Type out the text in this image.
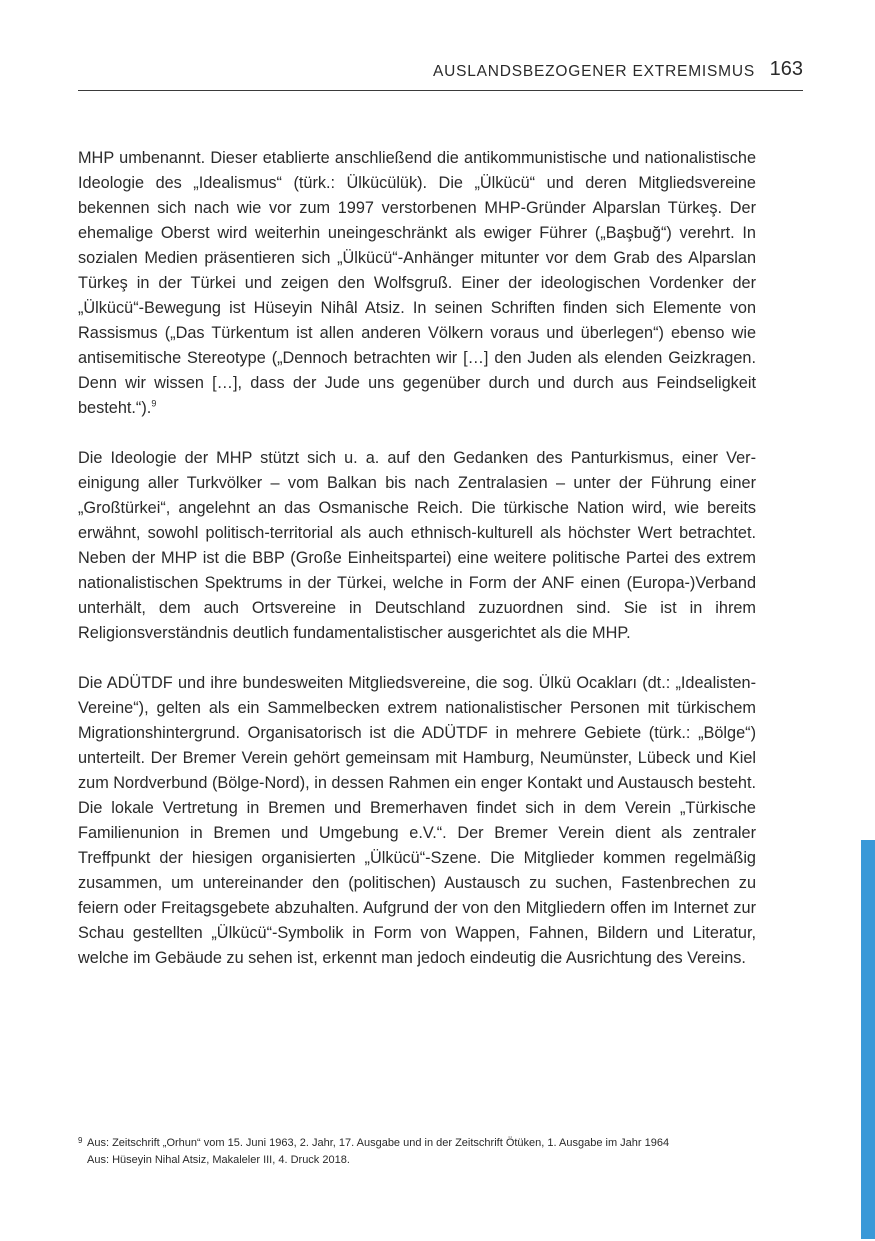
AUSLANDSBEZOGENER EXTREMISMUS 163

MHP umbenannt. Dieser etablierte anschließend die antikommunistische und nationalistische Ideologie des „Idealismus“ (türk.: Ülkücülük). Die „Ülkücü“ und deren Mitgliedsvereine bekennen sich nach wie vor zum 1997 verstorbenen MHP-Gründer Alparslan Türkeş. Der ehemalige Oberst wird weiterhin uneingeschränkt als ewiger Führer („Başbuğ“) verehrt. In sozialen Medien präsentieren sich „Ülkücü“-Anhänger mitunter vor dem Grab des Alparslan Türkeş in der Türkei und zeigen den Wolfsgruß. Einer der ideologischen Vordenker der „Ülkücü“-Bewegung ist Hüseyin Nihâl Atsiz. In seinen Schriften finden sich Elemente von Rassismus („Das Türkentum ist allen anderen Völkern voraus und überlegen“) ebenso wie antisemitische Stereotype („Dennoch betrachten wir […] den Juden als elenden Geizkragen. Denn wir wissen […], dass der Jude uns gegenüber durch und durch aus Feindseligkeit besteht.“).$^9$

Die Ideologie der MHP stützt sich u. a. auf den Gedanken des Panturkismus, einer Vereinigung aller Turkvölker – vom Balkan bis nach Zentralasien – unter der Führung einer „Großtürkei“, angelehnt an das Osmanische Reich. Die türkische Nation wird, wie bereits erwähnt, sowohl politisch-territorial als auch ethnisch-kulturell als höchster Wert betrachtet. Neben der MHP ist die BBP (Große Einheitspartei) eine weitere politische Partei des extrem nationalistischen Spektrums in der Türkei, welche in Form der ANF einen (Europa-)Verband unterhält, dem auch Ortsvereine in Deutschland zuzuordnen sind. Sie ist in ihrem Religionsverständnis deutlich fundamentalistischer ausgerichtet als die MHP.

Die ADÜTDF und ihre bundesweiten Mitgliedsvereine, die sog. Ülkü Ocakları (dt.: „Idealisten-Vereine“), gelten als ein Sammelbecken extrem nationalistischer Personen mit türkischem Migrationshintergrund. Organisatorisch ist die ADÜTDF in mehrere Gebiete (türk.: „Bölge“) unterteilt. Der Bremer Verein gehört gemeinsam mit Hamburg, Neumünster, Lübeck und Kiel zum Nordverbund (Bölge-Nord), in dessen Rahmen ein enger Kontakt und Austausch besteht. Die lokale Vertretung in Bremen und Bremerhaven findet sich in dem Verein „Türkische Familienunion in Bremen und Umgebung e.V.“. Der Bremer Verein dient als zentraler Treffpunkt der hiesigen organisierten „Ülkücü“-Szene. Die Mitglieder kommen regelmäßig zusammen, um untereinander den (politischen) Austausch zu suchen, Fastenbrechen zu feiern oder Freitagsgebete abzuhalten. Aufgrund der von den Mitgliedern offen im Internet zur Schau gestellten „Ülkücü“-Symbolik in Form von Wappen, Fahnen, Bildern und Literatur, welche im Gebäude zu sehen ist, erkennt man jedoch eindeutig die Ausrichtung des Vereins.

9 Aus: Zeitschrift „Orhun“ vom 15. Juni 1963, 2. Jahr, 17. Ausgabe und in der Zeitschrift Ötüken, 1. Ausgabe im Jahr 1964
Aus: Hüseyin Nihal Atsiz, Makaleler III, 4. Druck 2018.
